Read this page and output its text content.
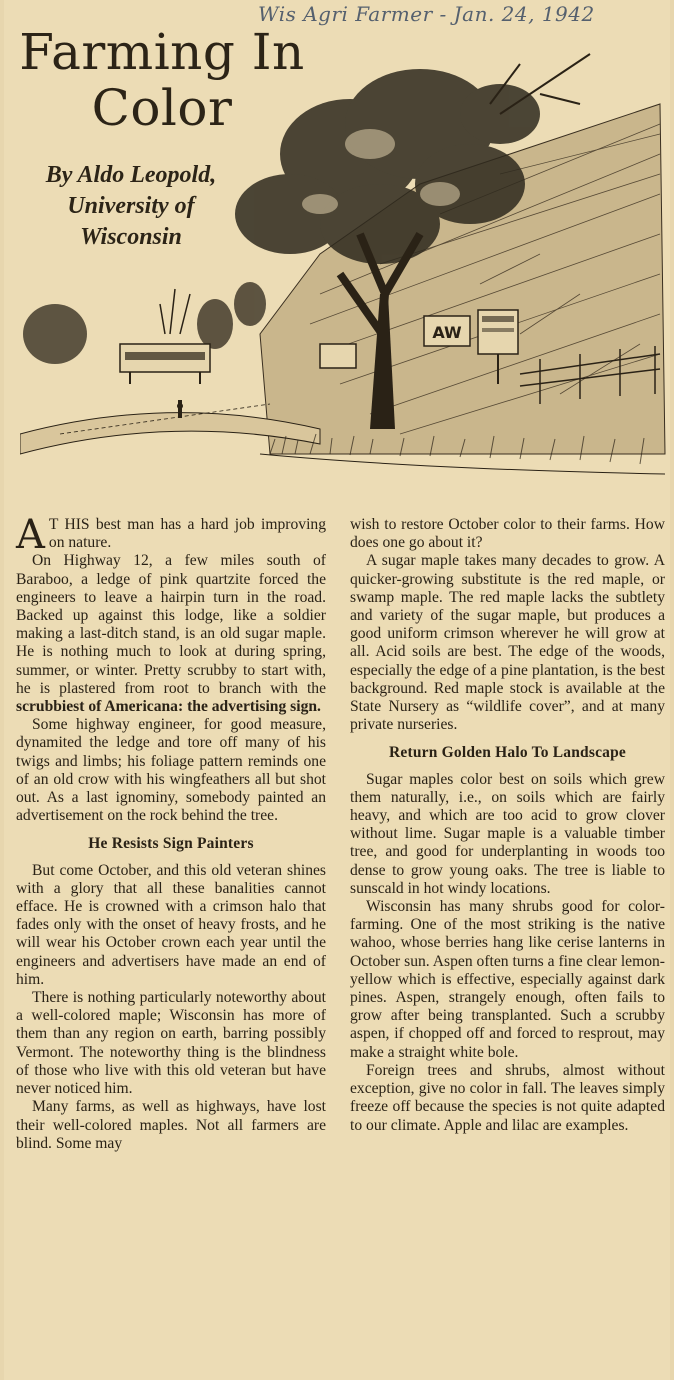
Wis Agri Farmer - Jan. 24, 1942
AW
Farming In Color
By Aldo Leopold, University of Wisconsin

A T HIS best man has a hard job improving on nature.

On Highway 12, a few miles south of Baraboo, a ledge of pink quartzite forced the engineers to leave a hairpin turn in the road. Backed up against this lodge, like a soldier making a last-ditch stand, is an old sugar maple. He is nothing much to look at during spring, summer, or winter. Pretty scrubby to start with, he is plastered from root to branch with the scrubbiest of Americana: the advertising sign.

Some highway engineer, for good measure, dynamited the ledge and tore off many of his twigs and limbs; his foliage pattern reminds one of an old crow with his wingfeathers all but shot out. As a last ignominy, somebody painted an advertisement on the rock behind the tree.

He Resists Sign Painters

But come October, and this old veteran shines with a glory that all these banalities cannot efface. He is crowned with a crimson halo that fades only with the onset of heavy frosts, and he will wear his October crown each year until the engineers and advertisers have made an end of him.

There is nothing particularly noteworthy about a well-colored maple; Wisconsin has more of them than any region on earth, barring possibly Vermont. The noteworthy thing is the blindness of those who live with this old veteran but have never noticed him.

Many farms, as well as highways, have lost their well-colored maples. Not all farmers are blind. Some may

wish to restore October color to their farms. How does one go about it?

A sugar maple takes many decades to grow. A quicker-growing substitute is the red maple, or swamp maple. The red maple lacks the subtlety and variety of the sugar maple, but produces a good uniform crimson wherever he will grow at all. Acid soils are best. The edge of the woods, especially the edge of a pine plantation, is the best background. Red maple stock is available at the State Nursery as “wildlife cover”, and at many private nurseries.

Return Golden Halo To Landscape

Sugar maples color best on soils which grew them naturally, i.e., on soils which are fairly heavy, and which are too acid to grow clover without lime. Sugar maple is a valuable timber tree, and good for underplanting in woods too dense to grow young oaks. The tree is liable to sunscald in hot windy locations.

Wisconsin has many shrubs good for color-farming. One of the most striking is the native wahoo, whose berries hang like cerise lanterns in October sun. Aspen often turns a fine clear lemon-yellow which is effective, especially against dark pines. Aspen, strangely enough, often fails to grow after being transplanted. Such a scrubby aspen, if chopped off and forced to resprout, may make a straight white bole.

Foreign trees and shrubs, almost without exception, give no color in fall. The leaves simply freeze off because the species is not quite adapted to our climate. Apple and lilac are examples.
